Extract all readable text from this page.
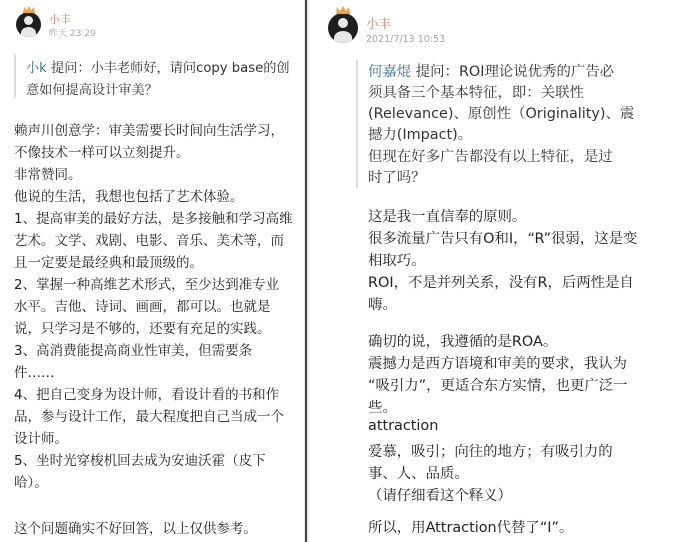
小丰
昨天 23:29
小k 提问：小丰老师好，请问copy base的创
意如何提高设计审美？
赖声川创意学：审美需要长时间向生活学习，
不像技术一样可以立刻提升。
非常赞同。
他说的生活，我想也包括了艺术体验。
1、提高审美的最好方法，是多接触和学习高维
艺术。文学、戏剧、电影、音乐、美术等，而
且一定要是最经典和最顶级的。
2、掌握一种高维艺术形式，至少达到准专业
水平。吉他、诗词、画画，都可以。也就是
说，只学习是不够的，还要有充足的实践。
3、高消费能提高商业性审美，但需要条
件……
4、把自己变身为设计师，看设计看的书和作
品，参与设计工作，最大程度把自己当成一个
设计师。
5、坐时光穿梭机回去成为安迪沃霍（皮下
哈）。
这个问题确实不好回答，以上仅供参考。
小丰
2021/7/13 10:53
何嘉焜 提问：ROI理论说优秀的广告必
须具备三个基本特征，即：关联性
(Relevance)、原创性（Originality)、震
撼力(Impact)。
但现在好多广告都没有以上特征，是过
时了吗？
这是我一直信奉的原则。
很多流量广告只有O和I，“R”很弱，这是变
相取巧。
ROI，不是并列关系，没有R，后两性是自
嗨。
确切的说，我遵循的是ROA。
震撼力是西方语境和审美的要求，我认为
“吸引力”，更适合东方实情，也更广泛一
些。
attraction
爱慕，吸引；向往的地方；有吸引力的
事、人、品质。
（请仔细看这个释义）
所以，用Attraction代替了“I”。
